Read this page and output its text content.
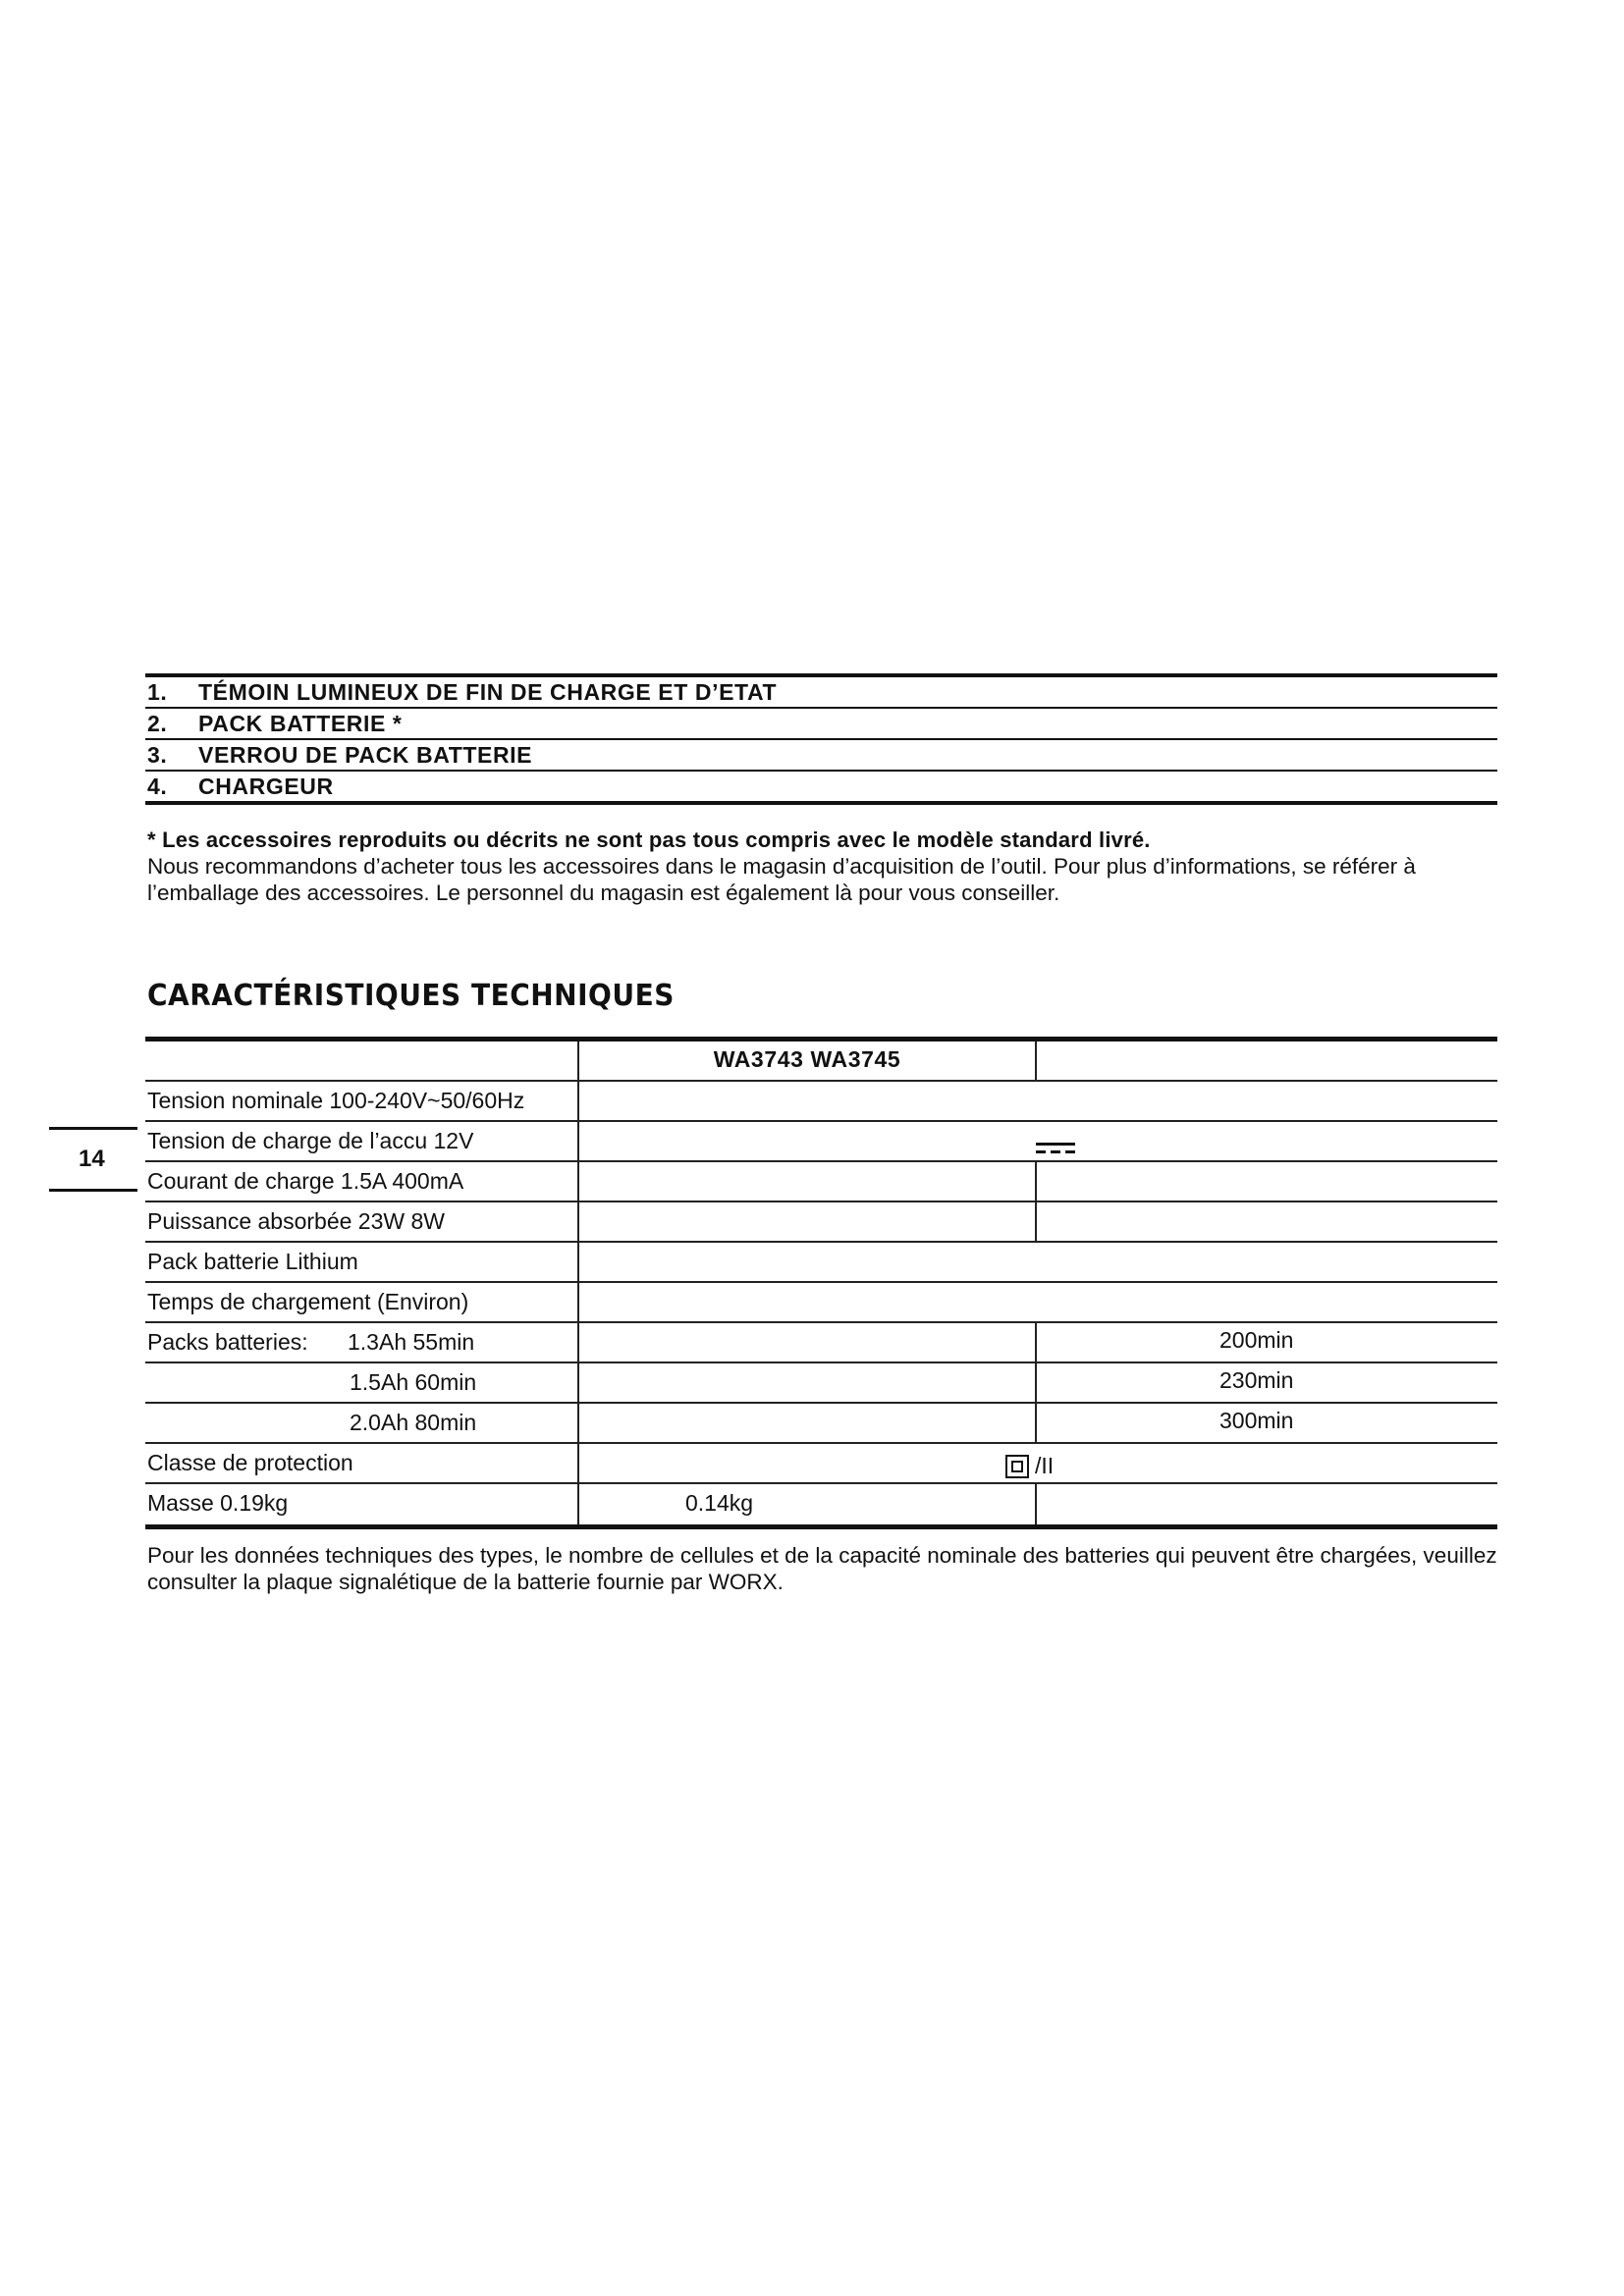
1. TÉMOIN LUMINEUX DE FIN DE CHARGE ET D’ETAT
2. PACK BATTERIE *
3. VERROU DE PACK BATTERIE
4. CHARGEUR
* Les accessoires reproduits ou décrits ne sont pas tous compris avec le modèle standard livré.
Nous recommandons d’acheter tous les accessoires dans le magasin d’acquisition de l’outil. Pour plus d’informations, se référer à l’emballage des accessoires. Le personnel du magasin est également là pour vous conseiller.
CARACTÉRISTIQUES TECHNIQUES
14
WA3743 WA3745
Tension nominale 100-240V~50/60Hz
Tension de charge de l’accu 12V
Courant de charge 1.5A 400mA
Puissance absorbée 23W 8W
Pack batterie Lithium
Temps de chargement (Environ)
Packs batteries: 1.3Ah 55min	200min
1.5Ah 60min	230min
2.0Ah 80min	300min
Classe de protection	/II
Masse 0.19kg	0.14kg
Pour les données techniques des types, le nombre de cellules et de la capacité nominale des batteries qui peuvent être chargées, veuillez consulter la plaque signalétique de la batterie fournie par WORX.
